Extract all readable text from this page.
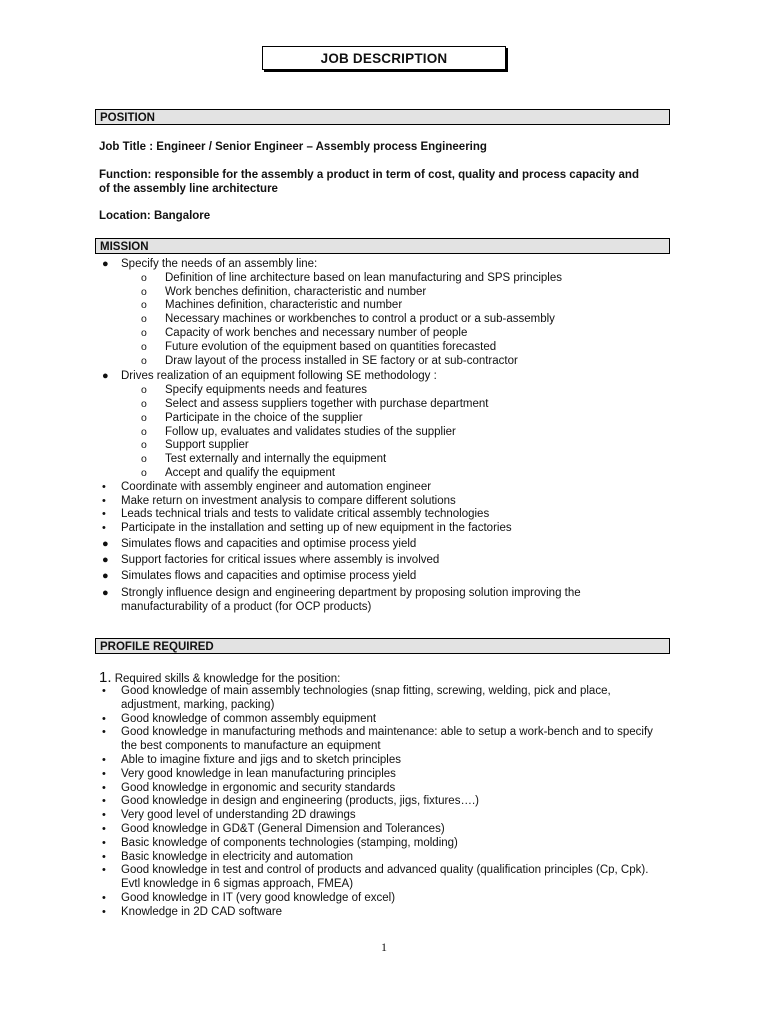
JOB DESCRIPTION
POSITION
Job Title : Engineer / Senior Engineer – Assembly process Engineering
Function: responsible for the assembly a product in term of cost, quality and process capacity and
of the assembly line architecture
Location: Bangalore
MISSION
● Specify the needs of an assembly line:
o Definition of line architecture based on lean manufacturing and SPS principles
o Work benches definition, characteristic and number
o Machines definition, characteristic and number
o Necessary machines or workbenches to control a product or a sub-assembly
o Capacity of work benches and necessary number of people
o Future evolution of the equipment based on quantities forecasted
o Draw layout of the process installed in SE factory or at sub-contractor
● Drives realization of an equipment following SE methodology :
o Specify equipments needs and features
o Select and assess suppliers together with purchase department
o Participate in the choice of the supplier
o Follow up, evaluates and validates studies of the supplier
o Support supplier
o Test externally and internally the equipment
o Accept and qualify the equipment
• Coordinate with assembly engineer and automation engineer
• Make return on investment analysis to compare different solutions
• Leads technical trials and tests to validate critical assembly technologies
• Participate in the installation and setting up of new equipment in the factories
● Simulates flows and capacities and optimise process yield
● Support factories for critical issues where assembly is involved
● Simulates flows and capacities and optimise process yield
● Strongly influence design and engineering department by proposing solution improving the
manufacturability of a product (for OCP products)
PROFILE REQUIRED
1. Required skills & knowledge for the position:
• Good knowledge of main assembly technologies (snap fitting, screwing, welding, pick and place,
adjustment, marking, packing)
• Good knowledge of common assembly equipment
• Good knowledge in manufacturing methods and maintenance: able to setup a work-bench and to specify
the best components to manufacture an equipment
• Able to imagine fixture and jigs and to sketch principles
• Very good knowledge in lean manufacturing principles
• Good knowledge in ergonomic and security standards
• Good knowledge in design and engineering (products, jigs, fixtures….)
• Very good level of understanding 2D drawings
• Good knowledge in GD&T (General Dimension and Tolerances)
• Basic knowledge of components technologies (stamping, molding)
• Basic knowledge in electricity and automation
• Good knowledge in test and control of products and advanced quality (qualification principles (Cp, Cpk).
Evtl knowledge in 6 sigmas approach, FMEA)
• Good knowledge in IT (very good knowledge of excel)
• Knowledge in 2D CAD software
1
